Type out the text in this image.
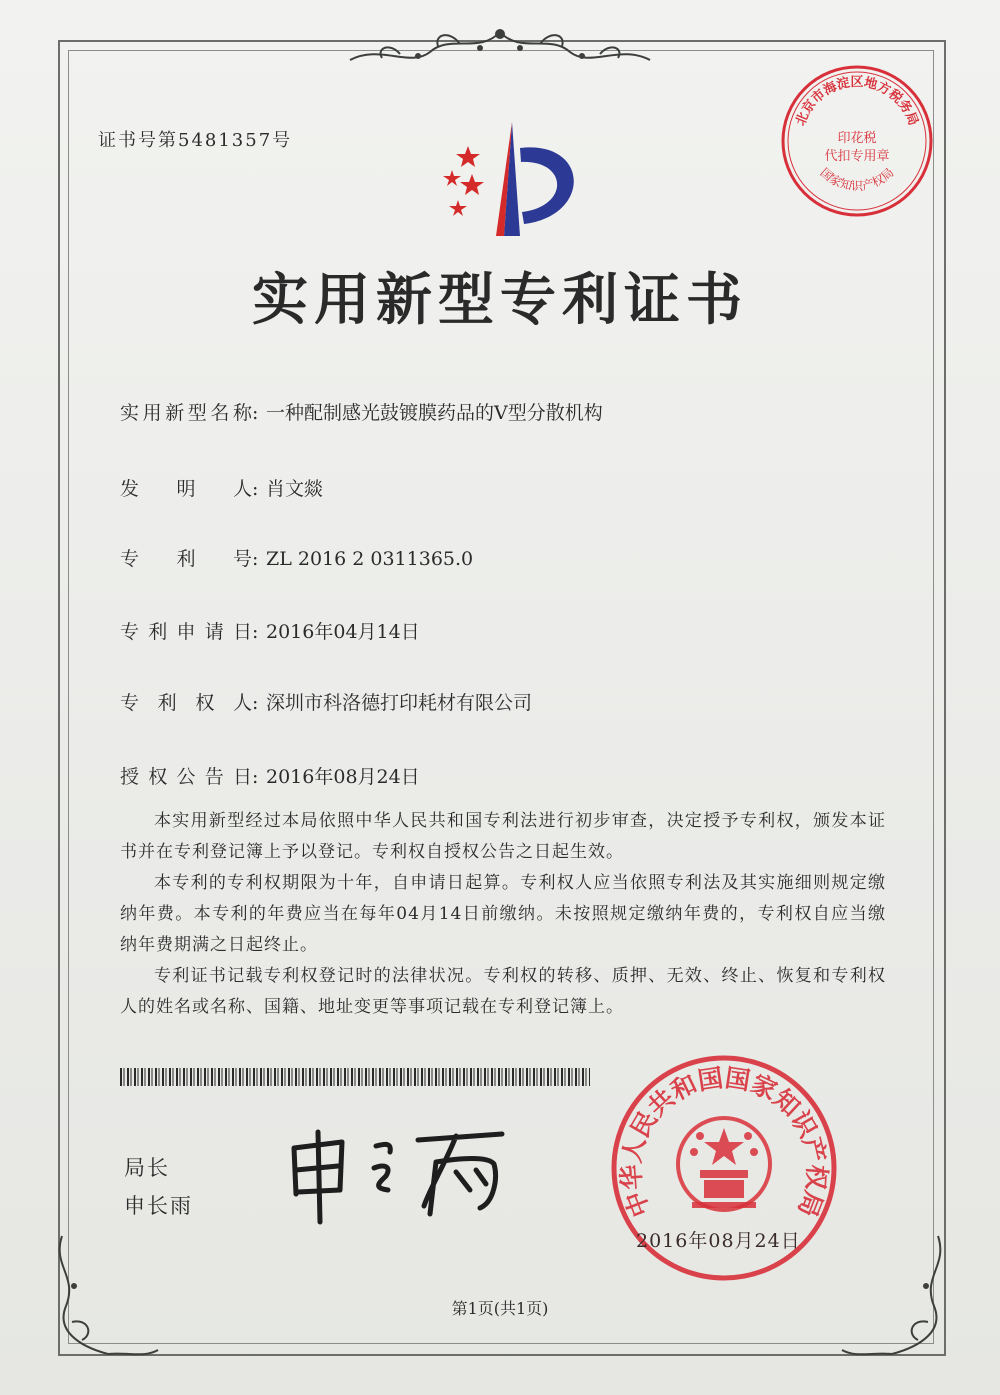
证书号第5481357号
北京市海淀区地方税务局
印花税
代扣专用章
国家知识产权局
实用新型专利证书
实用新型名称: 一种配制感光鼓镀膜药品的V型分散机构
发明人: 肖文燚
专利号: ZL 2016 2 0311365.0
专利申请日: 2016年04月14日
专利权人: 深圳市科洛德打印耗材有限公司
授权公告日: 2016年08月24日

本实用新型经过本局依照中华人民共和国专利法进行初步审查，决定授予专利权，颁发本证书并在专利登记簿上予以登记。专利权自授权公告之日起生效。

本专利的专利权期限为十年，自申请日起算。专利权人应当依照专利法及其实施细则规定缴纳年费。本专利的年费应当在每年04月14日前缴纳。未按照规定缴纳年费的，专利权自应当缴纳年费期满之日起终止。

专利证书记载专利权登记时的法律状况。专利权的转移、质押、无效、终止、恢复和专利权人的姓名或名称、国籍、地址变更等事项记载在专利登记簿上。

局长
申长雨	中华人民共和国国家知识产权局
2016年08月24日
第1页(共1页)
